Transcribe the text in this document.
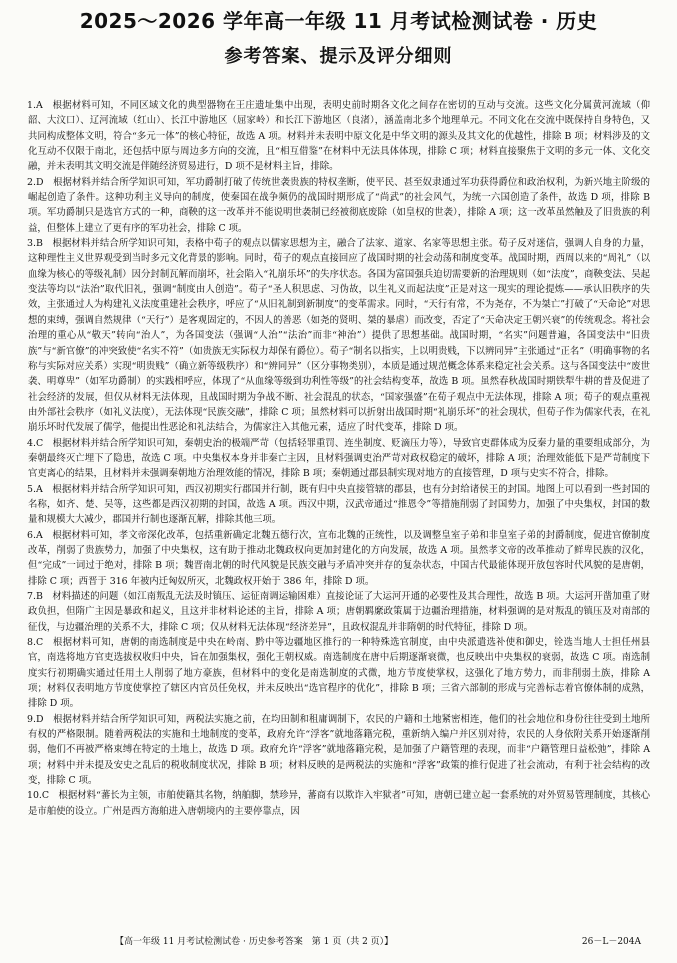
2025～2026 学年高一年级 11 月考试检测试卷 · 历史
参考答案、提示及评分细则

1.A　 根据材料可知，不同区域文化的典型器物在王庄遗址集中出现，表明史前时期各文化之间存在密切的互动与交流。这些文化分属黄河流域（仰韶、大汶口）、辽河流域（红山）、长江中游地区（屈家岭）和长江下游地区（良渚），涵盖南北多个地理单元。不同文化在交流中既保持自身特色，又共同构成整体文明，符合“多元一体”的核心特征，故选 A 项。材料并未表明中原文化是中华文明的源头及其文化的优越性，排除 B 项；材料涉及的文化互动不仅限于南北，还包括中原与周边多方向的交流，且“相互借鉴”在材料中无法具体体现，排除 C 项；材料直接聚焦于文明的多元一体、文化交融，并未表明其文明交流是伴随经济贸易进行，D 项不是材料主旨，排除。

2.D　 根据材料并结合所学知识可知，军功爵制打破了传统世袭贵族的特权垄断，使平民、甚至奴隶通过军功获得爵位和政治权利，为新兴地主阶级的崛起创造了条件。这种功利主义导向的制度，使秦国在战争频仍的战国时期形成了“尚武”的社会风气，为统一六国创造了条件，故选 D 项，排除 B 项。军功爵制只是选官方式的一种，商鞅的这一改革并不能说明世袭制已经被彻底废除（如皇权的世袭），排除 A 项；这一改革虽然触及了旧贵族的利益，但整体上建立了更有序的军功社会，排除 C 项。

3.B　 根据材料并结合所学知识可知，表格中荀子的观点以儒家思想为主，融合了法家、道家、名家等思想主张。荀子反对迷信，强调人自身的力量，这种理性主义世界观受到当时多元文化背景的影响。同时，荀子的观点直接回应了战国时期的社会动荡和制度变革。战国时期，西周以来的“周礼”（以血缘为核心的等级礼制）因分封制瓦解而崩坏，社会陷入“礼崩乐坏”的失序状态。各国为富国强兵迫切需要新的治理规则（如“法度”，商鞅变法、吴起变法等均以“法治”取代旧礼，强调“制度由人创造”。荀子“圣人积思虑、习伪故，以生礼义而起法度”正是对这一现实的理论提炼——承认旧秩序的失效，主张通过人为构建礼义法度重建社会秩序，呼应了“从旧礼制到新制度”的变革需求。同时，“天行有常，不为尧存，不为桀亡”打破了“天命论”对思想的束缚，强调自然规律（“天行”）是客观固定的，不因人的善恶（如尧的贤明、桀的暴虐）而改变，否定了“天命决定王朝兴衰”的传统观念。将社会治理的重心从“敬天”转向“治人”，为各国变法（强调“人治”“法治”而非“神治”）提供了思想基础。战国时期，“名实”问题普遍，各国变法中“旧贵族”与“新官僚”的冲突致使“名实不符”（如贵族无实际权力却保有爵位）。荀子“制名以指实，上以明贵贱，下以辨同异”主张通过“正名”（明确事物的名称与实际对应关系）实现“明贵贱”（确立新等级秩序）和“辨同异”（区分事物类别），本质是通过规范概念体系来稳定社会关系。这与各国变法中“废世袭、明尊卑”（如军功爵制）的实践相呼应，体现了“从血缘等级到功利性等级”的社会结构变革，故选 B 项。虽然春秋战国时期铁犁牛耕的普及促进了社会经济的发展，但仅从材料无法体现，且战国时期为争战不断、社会混乱的状态，“国家强盛”在荀子观点中无法体现，排除 A 项；荀子的观点重视由外部社会秩序（如礼义法度），无法体现“民族交融”，排除 C 项；虽然材料可以折射出战国时期“礼崩乐坏”的社会现状，但荀子作为儒家代表，在礼崩乐坏时代发展了儒学，他提出性恶论和礼法结合，为儒家注入其他元素，适应了时代变革，排除 D 项。

4.C　 根据材料并结合所学知识可知，秦朝史治的极端严苛（包括轻罪重罚、连坐制度、贬滴压力等），导致官吏群体成为反秦力量的重要组成部分，为秦朝最终灭亡埋下了隐患，故选 C 项。中央集权本身并非秦亡主因，且材料强调吏治严苛对政权稳定的破坏，排除 A 项；治理效能低下是严苛制度下官吏离心的结果，且材料并未强调秦朝地方治理效能的情况，排除 B 项；秦朝通过郡县制实现对地方的直接管理，D 项与史实不符合，排除。

5.A　 根据材料并结合所学知识可知，西汉初期实行郡国并行制，既有归中央直接管辖的郡县，也有分封给诸侯王的封国。地图上可以看到一些封国的名称，如齐、楚、吴等，这些都是西汉初期的封国，故选 A 项。西汉中期，汉武帝通过“推恩令”等措施削弱了封国势力，加强了中央集权，封国的数量和规模大大减少，郡国并行制也逐渐瓦解，排除其他三项。

6.A　 根据材料可知，孝文帝深化改革，包括重新确定北魏五德行次，宣布北魏的正统性，以及调整皇室子弟和非皇室子弟的封爵制度，促进官僚制度改革，削弱了贵族势力，加强了中央集权，这有助于推动北魏政权向更加封建化的方向发展，故选 A 项。虽然孝文帝的改革推动了鲜卑民族的汉化，但“完成”一词过于绝对，排除 B 项；魏晋南北朝的时代风貌是民族交融与矛盾冲突并存的复杂状态，中国古代最能体现开放包容时代风貌的是唐朝，排除 C 项；西晋于 316 年被内迁匈奴所灭，北魏政权开始于 386 年，排除 D 项。

7.B　 材料描述的问题（如江南叛乱无法及时镇压、运征南调运输困难）直接论证了大运河开通的必要性及其合理性，故选 B 项。大运河开凿加重了财政负担，但隋广主因是暴政和起义，且这并非材料论述的主旨，排除 A 项；唐朝羁縻政策属于边疆治理措施，材料强调的是对叛乱的镇压及对南部的征伐，与边疆治理的关系不大，排除 C 项；仅从材料无法体现“经济差异”，且政权混乱并非隋朝的时代特征，排除 D 项。

8.C　 根据材料可知，唐朝的南选制度是中央在岭南、黔中等边疆地区推行的一种特殊选官制度，由中央派遣选补使和御史，铨选当地人士担任州县官，南选将地方官吏选拔权收归中央，旨在加强集权，强化王朝权威。南选制度在唐中后期逐渐衰微，也反映出中央集权的衰弱，故选 C 项。南选制度实行初期确实通过任用土人削弱了地方豪族，但材料中的变化是南选制度的式微，地方节度使掌权，这强化了地方势力，而非削弱土族，排除 A 项；材料仅表明地方节度使掌控了辖区内官员任免权，并未反映出“选官程序的优化”，排除 B 项；三省六部制的形成与完善标志着官僚体制的成熟，排除 D 项。

9.D　 根据材料并结合所学知识可知，两税法实施之前，在均田制和租庸调制下，农民的户籍和土地紧密相连，他们的社会地位和身份往往受到土地所有权的严格限制。随着两税法的实施和土地制度的变革，政府允许“浮客”就地落籍完税，重新纳入编户并区别对待，农民的人身依附关系开始逐渐削弱，他们不再被严格束缚在特定的土地上，故选 D 项。政府允许“浮客”就地落籍完税，是加强了户籍管理的表现，而非“户籍管理日益松弛”，排除 A 项；材料中并未提及安史之乱后的税收制度状况，排除 B 项；材料反映的是两税法的实施和“浮客”政策的推行促进了社会流动，有利于社会结构的改变，排除 C 项。

10.C　 根据材料“蕃长为主领，市舶使籍其名物，纳舶脚，禁珍异，蕃商有以欺诈入牢狱者”可知，唐朝已建立起一套系统的对外贸易管理制度，其核心是市舶使的设立。广州是西方海舶进入唐朝境内的主要停靠点，因

【高一年级 11 月考试检测试卷 · 历史参考答案　第 1 页（共 2 页）】	26－L－204A
